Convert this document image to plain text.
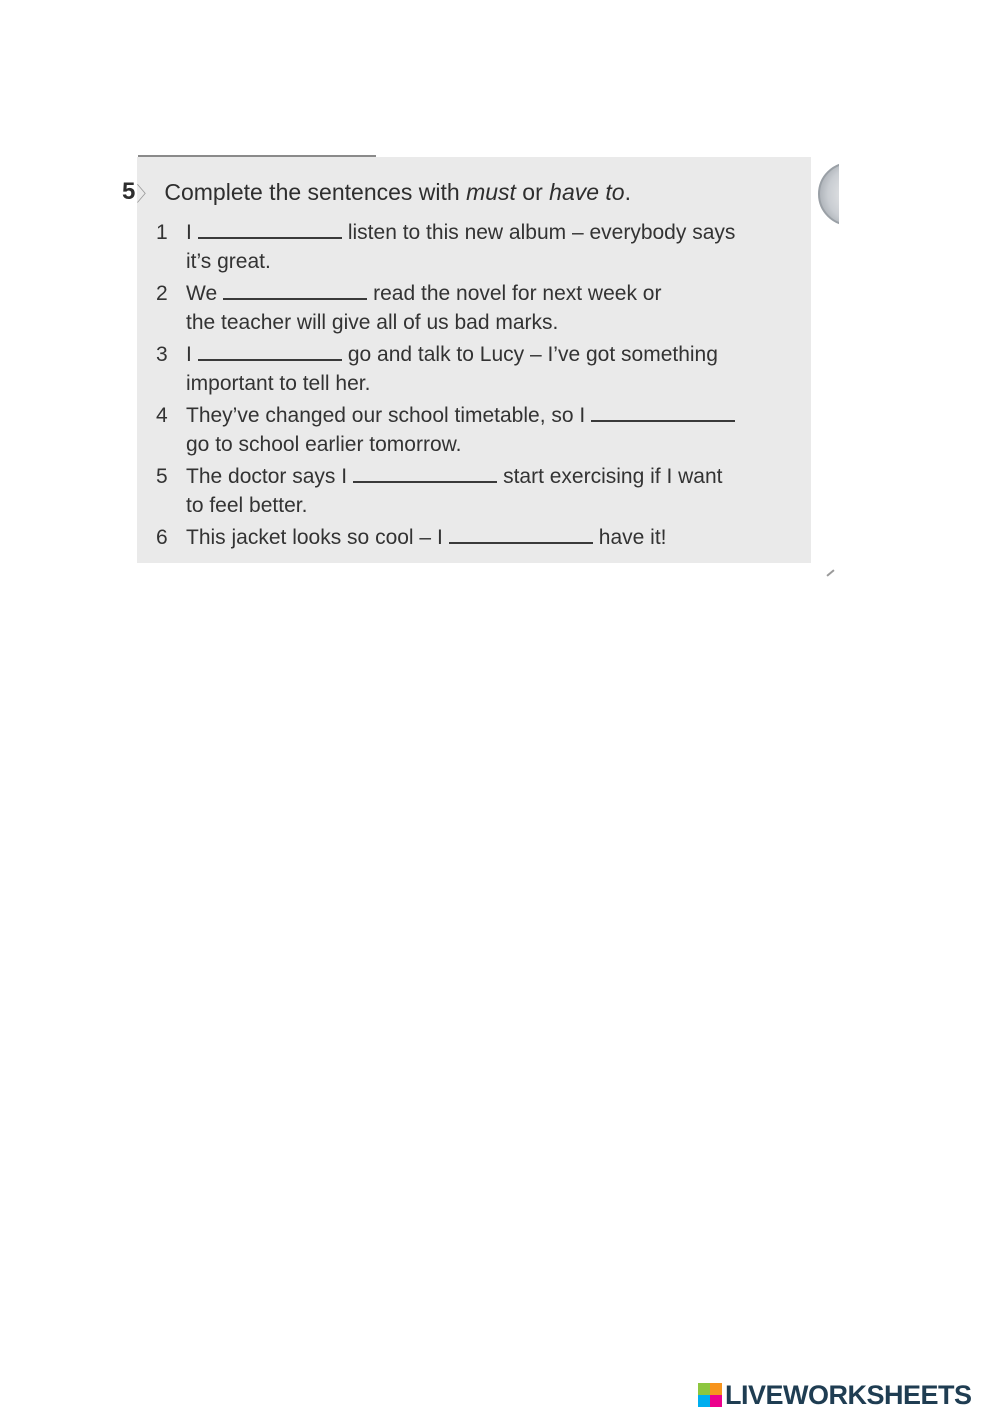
5 〉 Complete the sentences with must or have to .
1 I	listen to this new album – everybody says
it’s great.
2 We	read the novel for next week or
the teacher will give all of us bad marks.
3 I	go and talk to Lucy – I’ve got something
important to tell her.
4 They’ve changed our school timetable, so I
go to school earlier tomorrow.
5 The doctor says I	start exercising if I want
to feel better.
6 This jacket looks so cool – I	have it!
LIVEWORKSHEETS
